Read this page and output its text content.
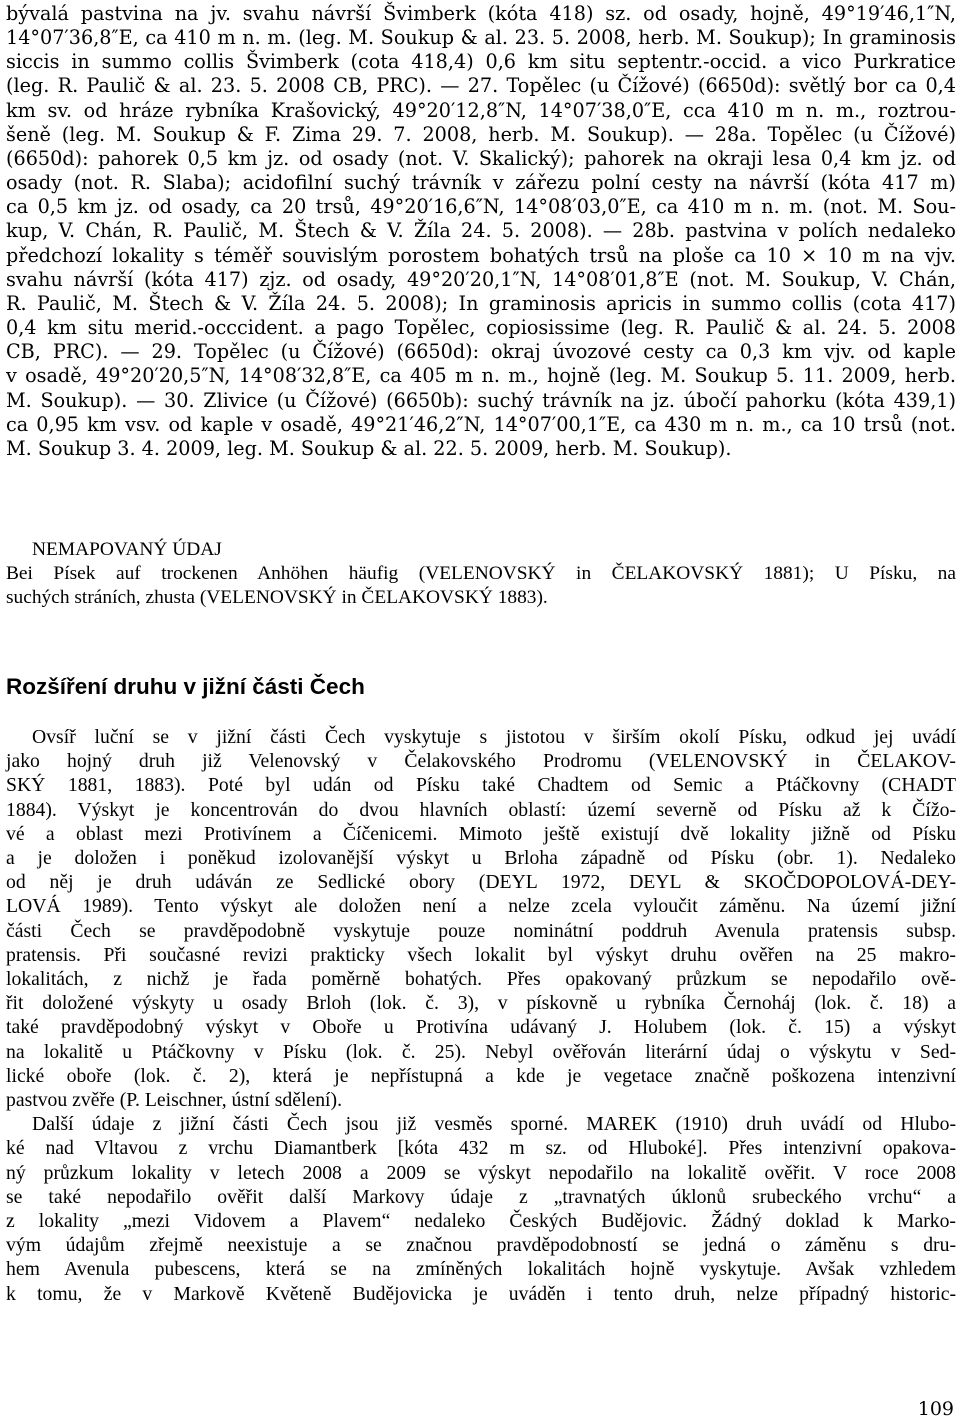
bývalá pastvina na jv. svahu návrší Švimberk (kóta 418) sz. od osady, hojně, 49°19′46,1″N,

14°07′36,8″E, ca 410 m n. m. (leg. M. Soukup & al. 23. 5. 2008, herb. M. Soukup); In graminosis

siccis in summo collis Švimberk (cota 418,4) 0,6 km situ septentr.-occid. a vico Purkratice

(leg. R. Paulič & al. 23. 5. 2008 CB, PRC). — 27. Topělec (u Čížové) (6650d): světlý bor ca 0,4

km sv. od hráze rybníka Krašovický, 49°20′12,8″N, 14°07′38,0″E, cca 410 m n. m., roztrou-

šeně (leg. M. Soukup & F. Zima 29. 7. 2008, herb. M. Soukup). — 28a. Topělec (u Čížové)

(6650d): pahorek 0,5 km jz. od osady (not. V. Skalický); pahorek na okraji lesa 0,4 km jz. od

osady (not. R. Slaba); acidofilní suchý trávník v zářezu polní cesty na návrší (kóta 417 m)

ca 0,5 km jz. od osady, ca 20 trsů, 49°20′16,6″N, 14°08′03,0″E, ca 410 m n. m. (not. M. Sou-

kup, V. Chán, R. Paulič, M. Štech & V. Žíla 24. 5. 2008). — 28b. pastvina v polích nedaleko

předchozí lokality s téměř souvislým porostem bohatých trsů na ploše ca 10 × 10 m na vjv.

svahu návrší (kóta 417) zjz. od osady, 49°20′20,1″N, 14°08′01,8″E (not. M. Soukup, V. Chán,

R. Paulič, M. Štech & V. Žíla 24. 5. 2008); In graminosis apricis in summo collis (cota 417)

0,4 km situ merid.-occcident. a pago Topělec, copiosissime (leg. R. Paulič & al. 24. 5. 2008

CB, PRC). — 29. Topělec (u Čížové) (6650d): okraj úvozové cesty ca 0,3 km vjv. od kaple

v osadě, 49°20′20,5″N, 14°08′32,8″E, ca 405 m n. m., hojně (leg. M. Soukup 5. 11. 2009, herb.

M. Soukup). — 30. Zlivice (u Čížové) (6650b): suchý trávník na jz. úbočí pahorku (kóta 439,1)

ca 0,95 km vsv. od kaple v osadě, 49°21′46,2″N, 14°07′00,1″E, ca 430 m n. m., ca 10 trsů (not.

M. Soukup 3. 4. 2009, leg. M. Soukup & al. 22. 5. 2009, herb. M. Soukup).

NEMAPOVANÝ ÚDAJ

Bei Písek auf trockenen Anhöhen häufig (VELENOVSKÝ in ČELAKOVSKÝ 1881); U Písku, na

suchých stráních, zhusta (VELENOVSKÝ in ČELAKOVSKÝ 1883).

Rozšíření druhu v jižní části Čech

Ovsíř luční se v jižní části Čech vyskytuje s jistotou v širším okolí Písku, odkud jej uvádí

jako hojný druh již Velenovský v Čelakovského Prodromu (VELENOVSKÝ in ČELAKOV-

SKÝ 1881, 1883). Poté byl udán od Písku také Chadtem od Semic a Ptáčkovny (CHADT

1884). Výskyt je koncentrován do dvou hlavních oblastí: území severně od Písku až k Čížo-

vé a oblast mezi Protivínem a Číčenicemi. Mimoto ještě existují dvě lokality jižně od Písku

a je doložen i poněkud izolovanější výskyt u Brloha západně od Písku (obr. 1). Nedaleko

od něj je druh udáván ze Sedlické obory (DEYL 1972, DEYL & SKOČDOPOLOVÁ-DEY-

LOVÁ 1989). Tento výskyt ale doložen není a nelze zcela vyloučit záměnu. Na území jižní

části Čech se pravděpodobně vyskytuje pouze nominátní poddruh Avenula pratensis subsp.

pratensis. Při současné revizi prakticky všech lokalit byl výskyt druhu ověřen na 25 makro-

lokalitách, z nichž je řada poměrně bohatých. Přes opakovaný průzkum se nepodařilo ově-

řit doložené výskyty u osady Brloh (lok. č. 3), v pískovně u rybníka Černoháj (lok. č. 18) a

také pravděpodobný výskyt v Oboře u Protivína udávaný J. Holubem (lok. č. 15) a výskyt

na lokalitě u Ptáčkovny v Písku (lok. č. 25). Nebyl ověřován literární údaj o výskytu v Sed-

lické oboře (lok. č. 2), která je nepřístupná a kde je vegetace značně poškozena intenzivní

pastvou zvěře (P. Leischner, ústní sdělení).

Další údaje z jižní části Čech jsou již vesměs sporné. MAREK (1910) druh uvádí od Hlubo-

ké nad Vltavou z vrchu Diamantberk [kóta 432 m sz. od Hluboké]. Přes intenzivní opakova-

ný průzkum lokality v letech 2008 a 2009 se výskyt nepodařilo na lokalitě ověřit. V roce 2008

se také nepodařilo ověřit další Markovy údaje z „travnatých úklonů srubeckého vrchu“ a

z lokality „mezi Vidovem a Plavem“ nedaleko Českých Budějovic. Žádný doklad k Marko-

vým údajům zřejmě neexistuje a se značnou pravděpodobností se jedná o záměnu s dru-

hem Avenula pubescens, která se na zmíněných lokalitách hojně vyskytuje. Avšak vzhledem

k tomu, že v Markově Květeně Budějovicka je uváděn i tento druh, nelze případný historic-

109
